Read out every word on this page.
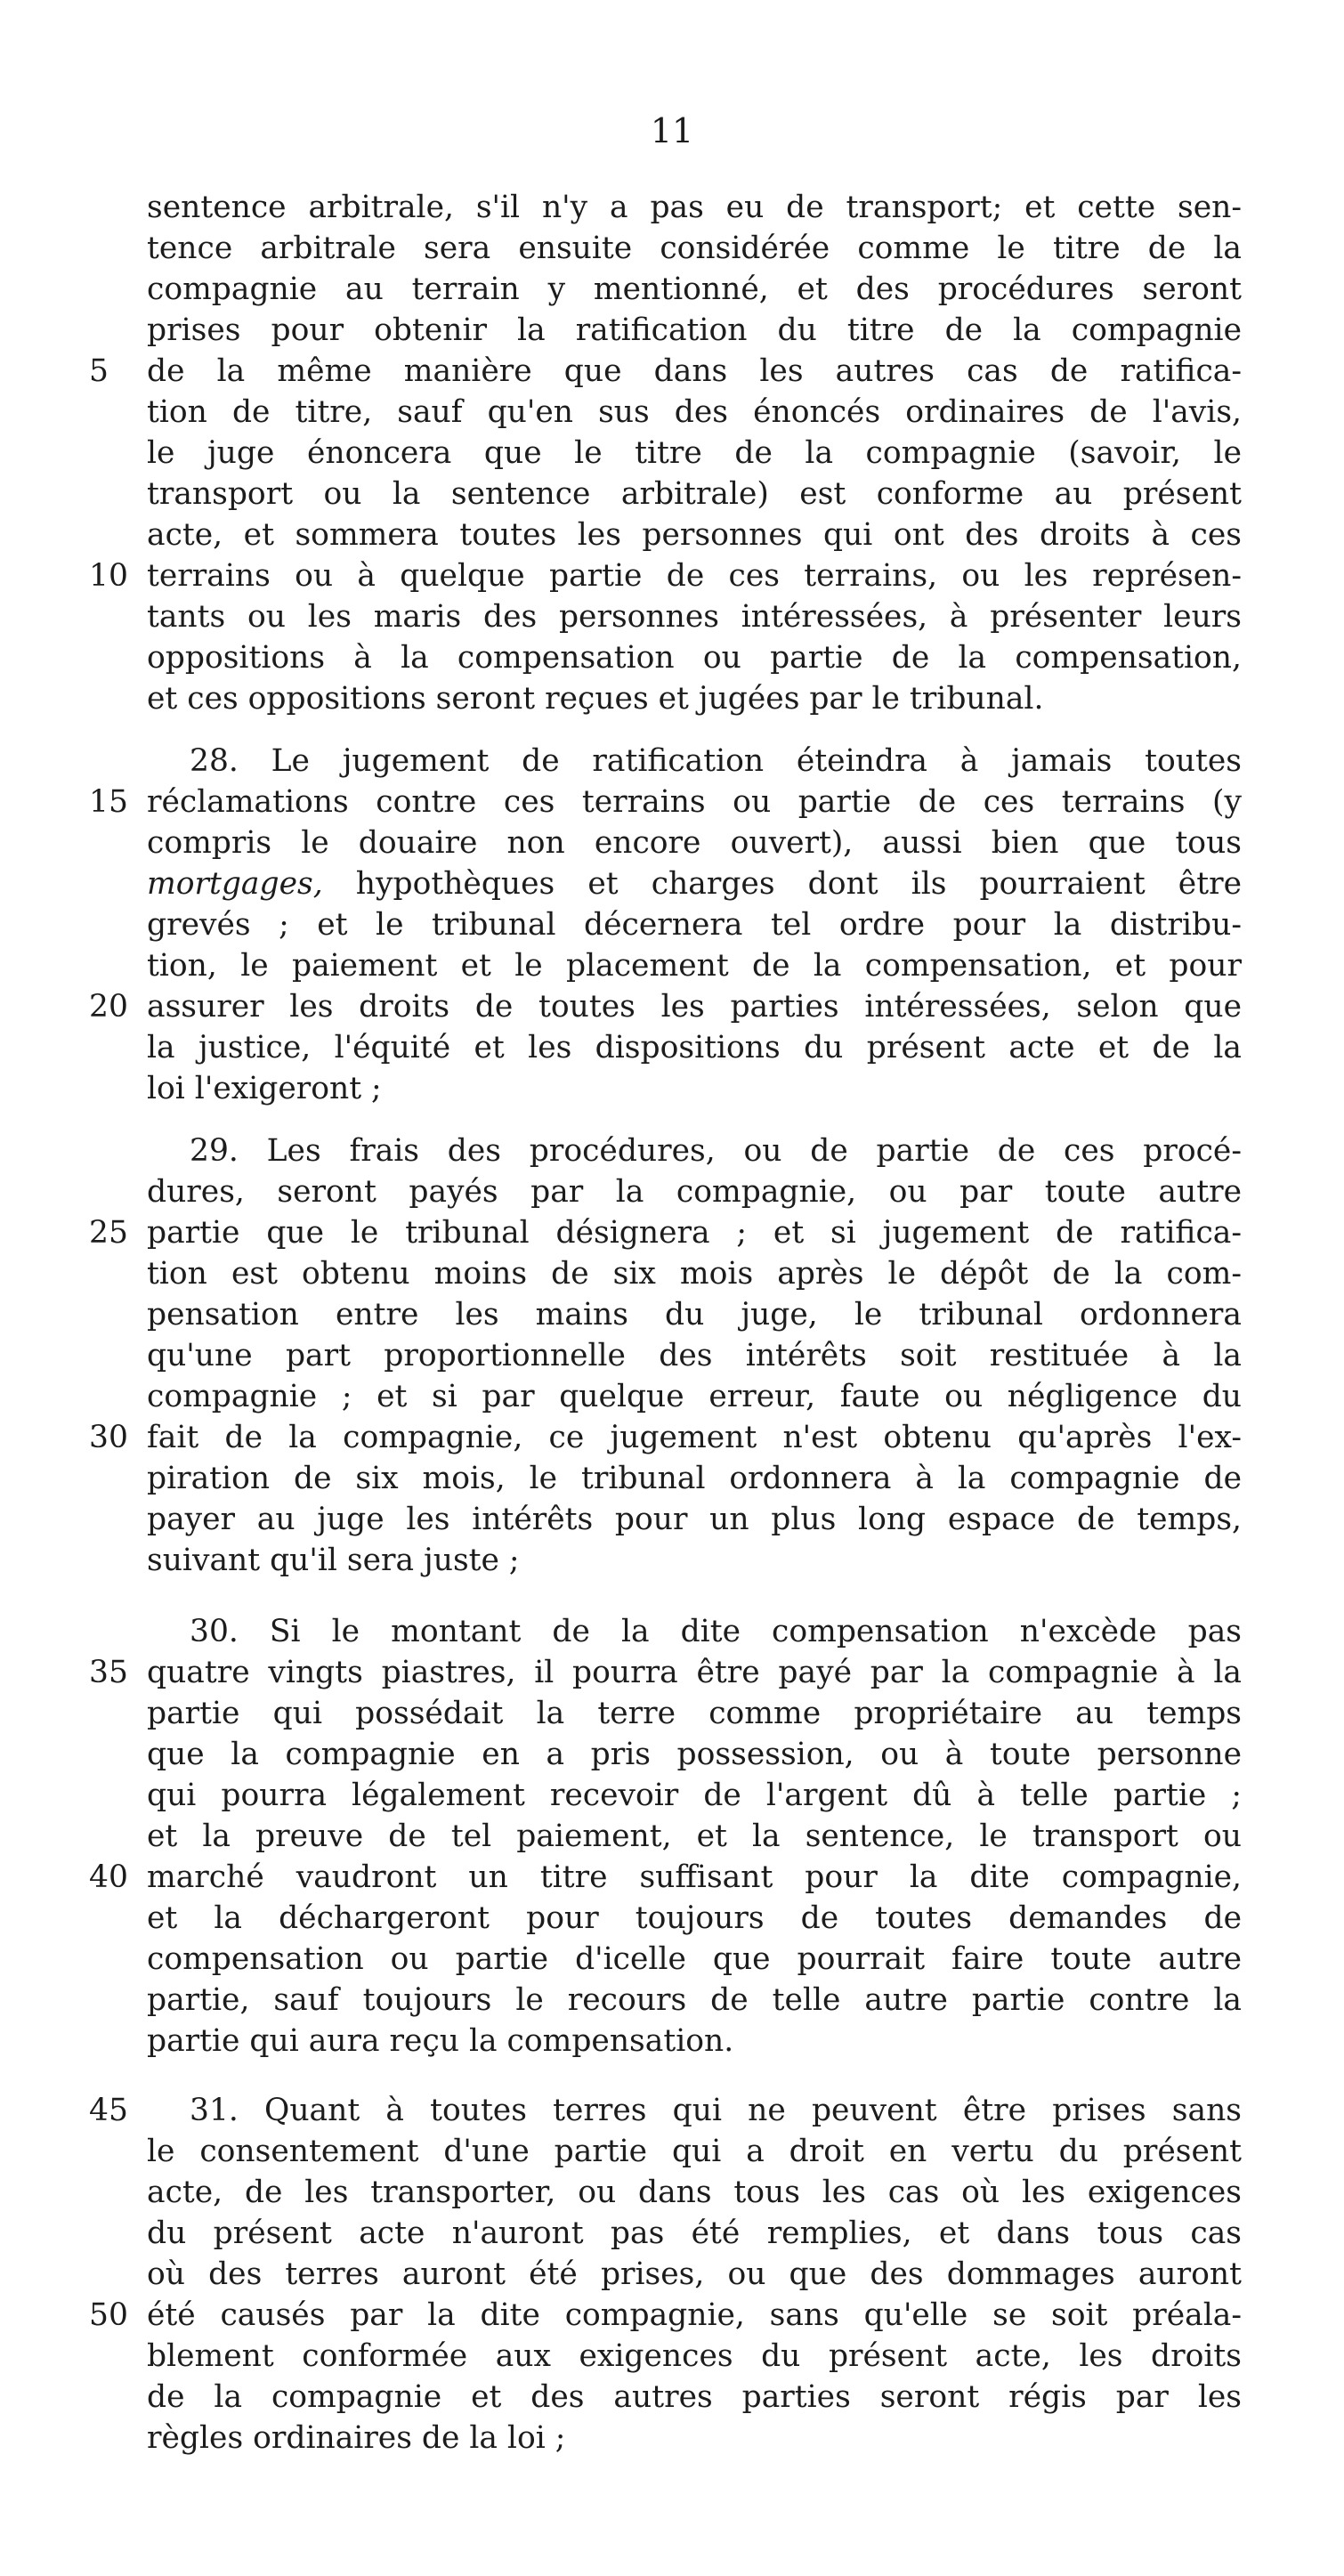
11
sentence arbitrale, s'il n'y a pas eu de transport; et cette sen-
tence arbitrale sera ensuite considérée comme le titre de la
compagnie au terrain y mentionné, et des procédures seront
prises pour obtenir la ratification du titre de la compagnie
5	de la même manière que dans les autres cas de ratifica-
tion de titre, sauf qu'en sus des énoncés ordinaires de l'avis,
le juge énoncera que le titre de la compagnie (savoir, le
transport ou la sentence arbitrale) est conforme au présent
acte, et sommera toutes les personnes qui ont des droits à ces
10 terrains ou à quelque partie de ces terrains, ou les représen-
tants ou les maris des personnes intéressées, à présenter leurs
oppositions à la compensation ou partie de la compensation,
et ces oppositions seront reçues et jugées par le tribunal.
28. Le jugement de ratification éteindra à jamais toutes
15 réclamations contre ces terrains ou partie de ces terrains (y
compris le douaire non encore ouvert), aussi bien que tous
mortgages, hypothèques et charges dont ils pourraient être
grevés ; et le tribunal décernera tel ordre pour la distribu-
tion, le paiement et le placement de la compensation, et pour
20 assurer les droits de toutes les parties intéressées, selon que
la justice, l'équité et les dispositions du présent acte et de la
loi l'exigeront ;
29. Les frais des procédures, ou de partie de ces procé-
dures, seront payés par la compagnie, ou par toute autre
25 partie que le tribunal désignera ; et si jugement de ratifica-
tion est obtenu moins de six mois après le dépôt de la com-
pensation entre les mains du juge, le tribunal ordonnera
qu'une part proportionnelle des intérêts soit restituée à la
compagnie ; et si par quelque erreur, faute ou négligence du
30 fait de la compagnie, ce jugement n'est obtenu qu'après l'ex-
piration de six mois, le tribunal ordonnera à la compagnie de
payer au juge les intérêts pour un plus long espace de temps,
suivant qu'il sera juste ;
30. Si le montant de la dite compensation n'excède pas
35 quatre vingts piastres, il pourra être payé par la compagnie à la
partie qui possédait la terre comme propriétaire au temps
que la compagnie en a pris possession, ou à toute personne
qui pourra légalement recevoir de l'argent dû à telle partie ;
et la preuve de tel paiement, et la sentence, le transport ou
40 marché vaudront un titre suffisant pour la dite compagnie,
et la déchargeront pour toujours de toutes demandes de
compensation ou partie d'icelle que pourrait faire toute autre
partie, sauf toujours le recours de telle autre partie contre la
partie qui aura reçu la compensation.
45	31. Quant à toutes terres qui ne peuvent être prises sans
le consentement d'une partie qui a droit en vertu du présent
acte, de les transporter, ou dans tous les cas où les exigences
du présent acte n'auront pas été remplies, et dans tous cas
où des terres auront été prises, ou que des dommages auront
50 été causés par la dite compagnie, sans qu'elle se soit préala-
blement conformée aux exigences du présent acte, les droits
de la compagnie et des autres parties seront régis par les
règles ordinaires de la loi ;
